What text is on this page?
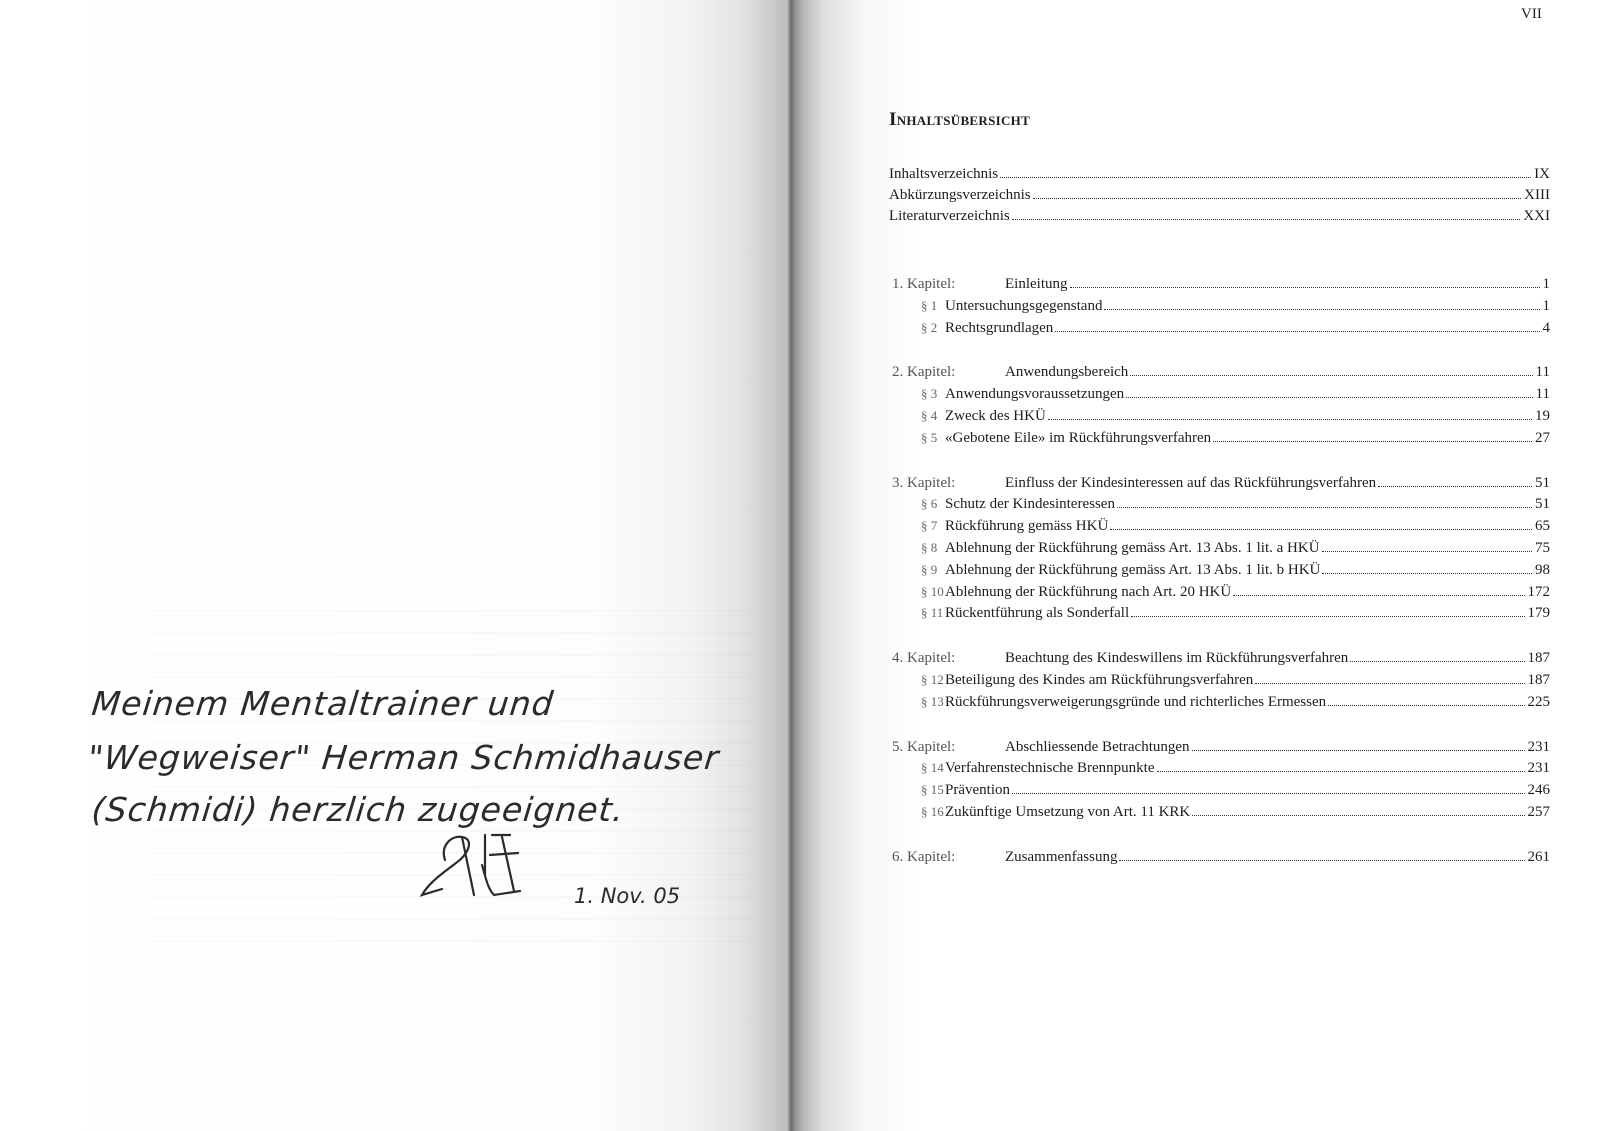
Meinem Mentaltrainer und
"Wegweiser" Herman Schmidhauser
(Schmidi) herzlich zugeeignet.
1. Nov. 05
VII
Inhaltsübersicht
Inhaltsverzeichnis	IX
Abkürzungsverzeichnis	XIII
Literaturverzeichnis	XXI
1. Kapitel:	Einleitung	1
§ 1 Untersuchungsgegenstand	1
§ 2 Rechtsgrundlagen	4
2. Kapitel:	Anwendungsbereich	11
§ 3 Anwendungsvoraussetzungen	11
§ 4 Zweck des HKÜ	19
§ 5 «Gebotene Eile» im Rückführungsverfahren	27
3. Kapitel:	Einfluss der Kindesinteressen auf das Rückführungsverfahren	51
§ 6 Schutz der Kindesinteressen	51
§ 7 Rückführung gemäss HKÜ	65
§ 8 Ablehnung der Rückführung gemäss Art. 13 Abs. 1 lit. a HKÜ	75
§ 9 Ablehnung der Rückführung gemäss Art. 13 Abs. 1 lit. b HKÜ	98
§ 10 Ablehnung der Rückführung nach Art. 20 HKÜ	172
§ 11 Rückentführung als Sonderfall	179
4. Kapitel:	Beachtung des Kindeswillens im Rückführungsverfahren	187
§ 12 Beteiligung des Kindes am Rückführungsverfahren	187
§ 13 Rückführungsverweigerungsgründe und richterliches Ermessen	225
5. Kapitel:	Abschliessende Betrachtungen	231
§ 14 Verfahrenstechnische Brennpunkte	231
§ 15 Prävention	246
§ 16 Zukünftige Umsetzung von Art. 11 KRK	257
6. Kapitel:	Zusammenfassung	261
